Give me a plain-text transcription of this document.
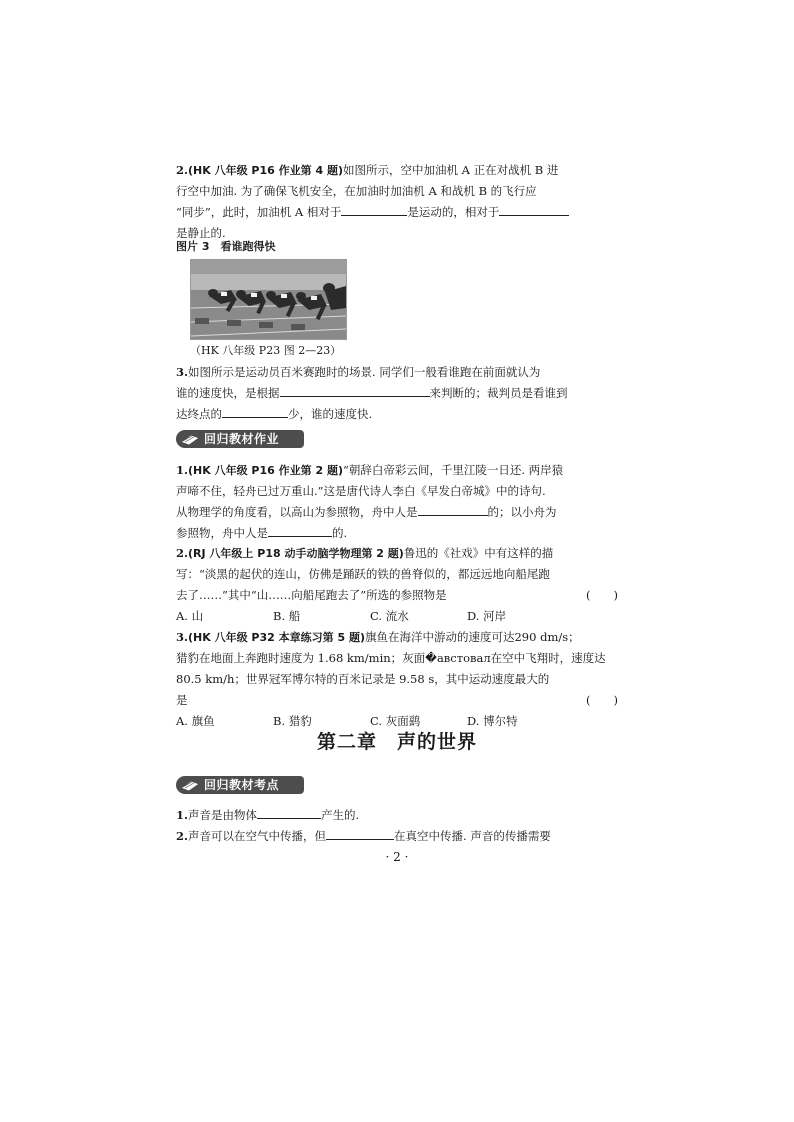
2.(HK 八年级 P16 作业第 4 题)如图所示，空中加油机 A 正在对战机 B 进
行空中加油. 为了确保飞机安全，在加油时加油机 A 和战机 B 的飞行应
“同步”，此时，加油机 A 相对于	是运动的，相对于
是静止的.
图片 3　看谁跑得快
（HK 八年级 P23 图 2—23）
3.如图所示是运动员百米赛跑时的场景. 同学们一般看谁跑在前面就认为
谁的速度快，是根据	来判断的；裁判员是看谁到
达终点的	少，谁的速度快.
回归教材作业
1.(HK 八年级 P16 作业第 2 题)“朝辞白帝彩云间，千里江陵一日还. 两岸猿
声啼不住，轻舟已过万重山.”这是唐代诗人李白《早发白帝城》中的诗句.
从物理学的角度看，以高山为参照物，舟中人是	的；以小舟为
参照物，舟中人是	的.
2.(RJ 八年级上 P18 动手动脑学物理第 2 题)鲁迅的《社戏》中有这样的描
写：“淡黑的起伏的连山，仿佛是踊跃的铁的兽脊似的，都远远地向船尾跑
去了……”其中“山……向船尾跑去了”所选的参照物是	(　　)
A. 山	B. 船	C. 流水	D. 河岸
3.(HK 八年级 P32 本章练习第 5 题)旗鱼在海洋中游动的速度可达290 dm/s；
猎豹在地面上奔跑时速度为 1.68 km/min；灰面�австовал在空中飞翔时，速度达
80.5 km/h；世界冠军博尔特的百米记录是 9.58 s，其中运动速度最大的
是	(　　)
A. 旗鱼	B. 猎豹	C. 灰面鹞	D. 博尔特
第二章　声的世界
回归教材考点
1.声音是由物体	产生的.
2.声音可以在空气中传播，但	在真空中传播. 声音的传播需要
· 2 ·
